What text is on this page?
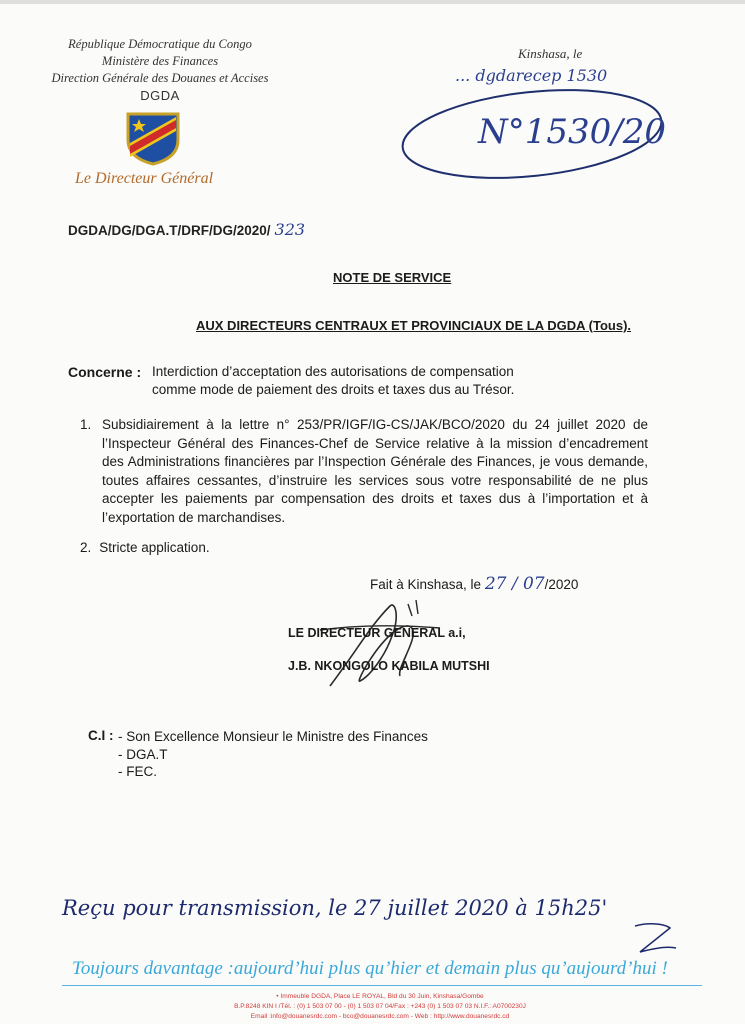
République Démocratique du Congo
Ministère des Finances
Direction Générale des Douanes et Accises
DGDA
Le Directeur Général
Kinshasa, le
... dgdarecep 1530
N°1530/20
DGDA/DG/DGA.T/DRF/DG/2020/ 323
NOTE DE SERVICE
AUX DIRECTEURS CENTRAUX ET PROVINCIAUX DE LA DGDA (Tous).
Concerne : Interdiction d’acceptation des autorisations de compensation
comme mode de paiement des droits et taxes dus au Trésor.
1. Subsidiairement à la lettre n° 253/PR/IGF/IG-CS/JAK/BCO/2020 du 24 juillet 2020 de l’Inspecteur Général des Finances-Chef de Service relative à la mission d’encadrement des Administrations financières par l’Inspection Générale des Finances, je vous demande, toutes affaires cessantes, d’instruire les services sous votre responsabilité de ne plus accepter les paiements par compensation des droits et taxes dus à l’importation et à l’exportation de marchandises.
2. Stricte application.
Fait à Kinshasa, le 27 / 07/2020
LE DIRECTEUR GENERAL a.i,
J.B. NKONGOLO KABILA MUTSHI
C.I : - Son Excellence Monsieur le Ministre des Finances
- DGA.T
- FEC.
Reçu pour transmission, le 27 juillet 2020 à 15h25'
Toujours davantage :aujourd’hui plus qu’hier et demain plus qu’aujourd’hui !
• Immeuble DGDA, Place LE ROYAL, Bld du 30 Juin, Kinshasa/Gombe
B.P.8248 KIN I /Tél. : (0) 1 503 07 00 - (0) 1 503 07 04/Fax : +243 (0) 1 503 07 03 N.I.F.: A0700230J
Email :info@douanesrdc.com - bco@douanesrdc.com - Web : http://www.douanesrdc.cd
